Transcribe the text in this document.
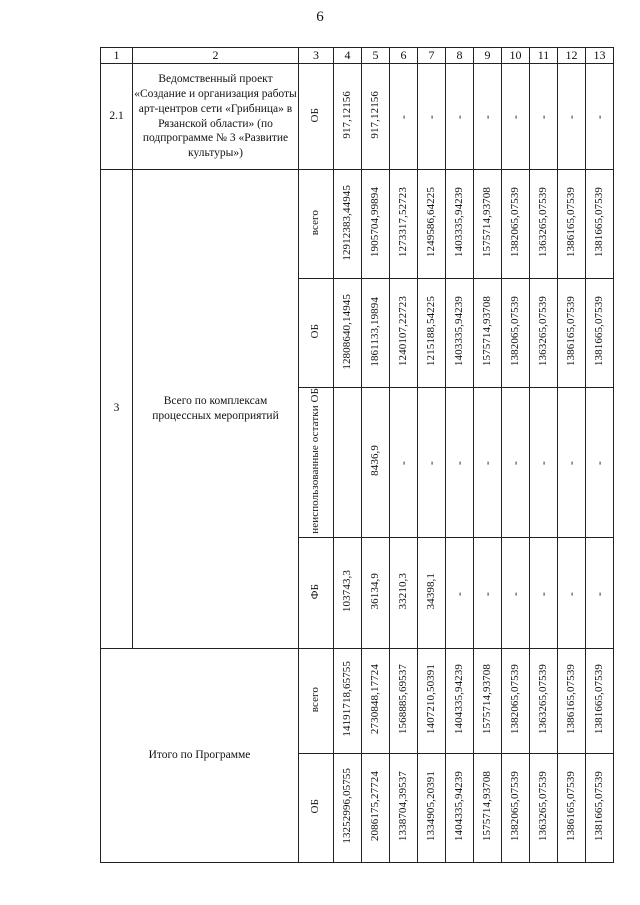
6
1	2	3	4	5	6	7	8	9	10	11	12	13
2.1	Ведомственный проект «Создание и организация работы арт-центров сети «Грибница» в Рязанской области» (по подпрограмме № 3 «Развитие культуры»)	ОБ	917,12156	917,12156	-	-	-	-	-	-	-	-
3	Всего по комплексам процессных мероприятий	всего	12912383,44945	1905704,99894	1273317,52723	1249586,64225	1403335,94239	1575714,93708	1382065,07539	1363265,07539	1386165,07539	1381665,07539
		ОБ	12808640,14945	1861133,19894	1240107,22723	1215188,54225	1403335,94239	1575714,93708	1382065,07539	1363265,07539	1386165,07539	1381665,07539
		неиспользованные остатки ОБ		8436,9	-	-	-	-	-	-	-	-
		ФБ	103743,3	36134,9	33210,3	34398,1	-	-	-	-	-	-
Итого по Программе		всего	14191718,65755	2730848,17724	1568885,69537	1407210,50391	1404335,94239	1575714,93708	1382065,07539	1363265,07539	1386165,07539	1381665,07539
		ОБ	13252996,05755	2086175,27724	1338704,39537	1334905,20391	1404335,94239	1575714,93708	1382065,07539	1363265,07539	1386165,07539	1381665,07539
